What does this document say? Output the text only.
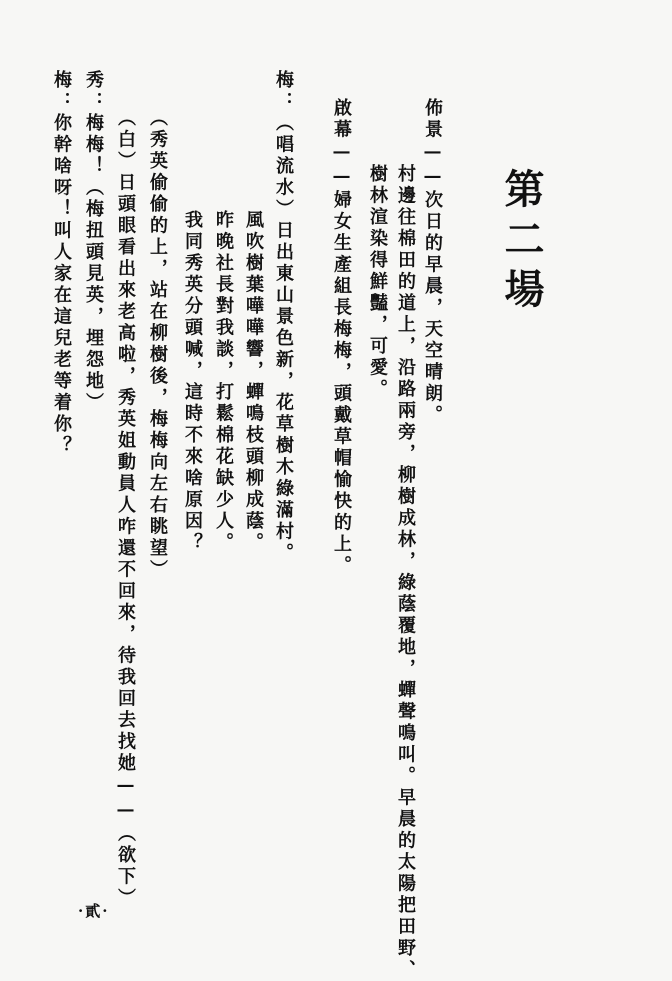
第二場
佈景——次日的早晨，天空晴朗。
村邊往棉田的道上，沿路兩旁，柳樹成林，綠蔭覆地，蟬聲鳴叫。早晨的太陽把田野、
樹林渲染得鮮豔，可愛。
啟幕——婦女生產組長梅梅，頭戴草帽愉快的上。
梅：（唱流水）日出東山景色新，花草樹木綠滿村。
風吹樹葉嘩嘩響，蟬鳴枝頭柳成蔭。
昨晚社長對我談，打鬆棉花缺少人。
我同秀英分頭喊，這時不來啥原因？
（秀英偷偷的上，站在柳樹後，梅梅向左右眺望）
（白）日頭眼看出來老高啦，秀英姐動員人咋還不回來，待我回去找她——（欲下）
秀：梅梅！（梅扭頭見英，埋怨地）
梅：你幹啥呀！叫人家在這兒老等着你？
·貳·
